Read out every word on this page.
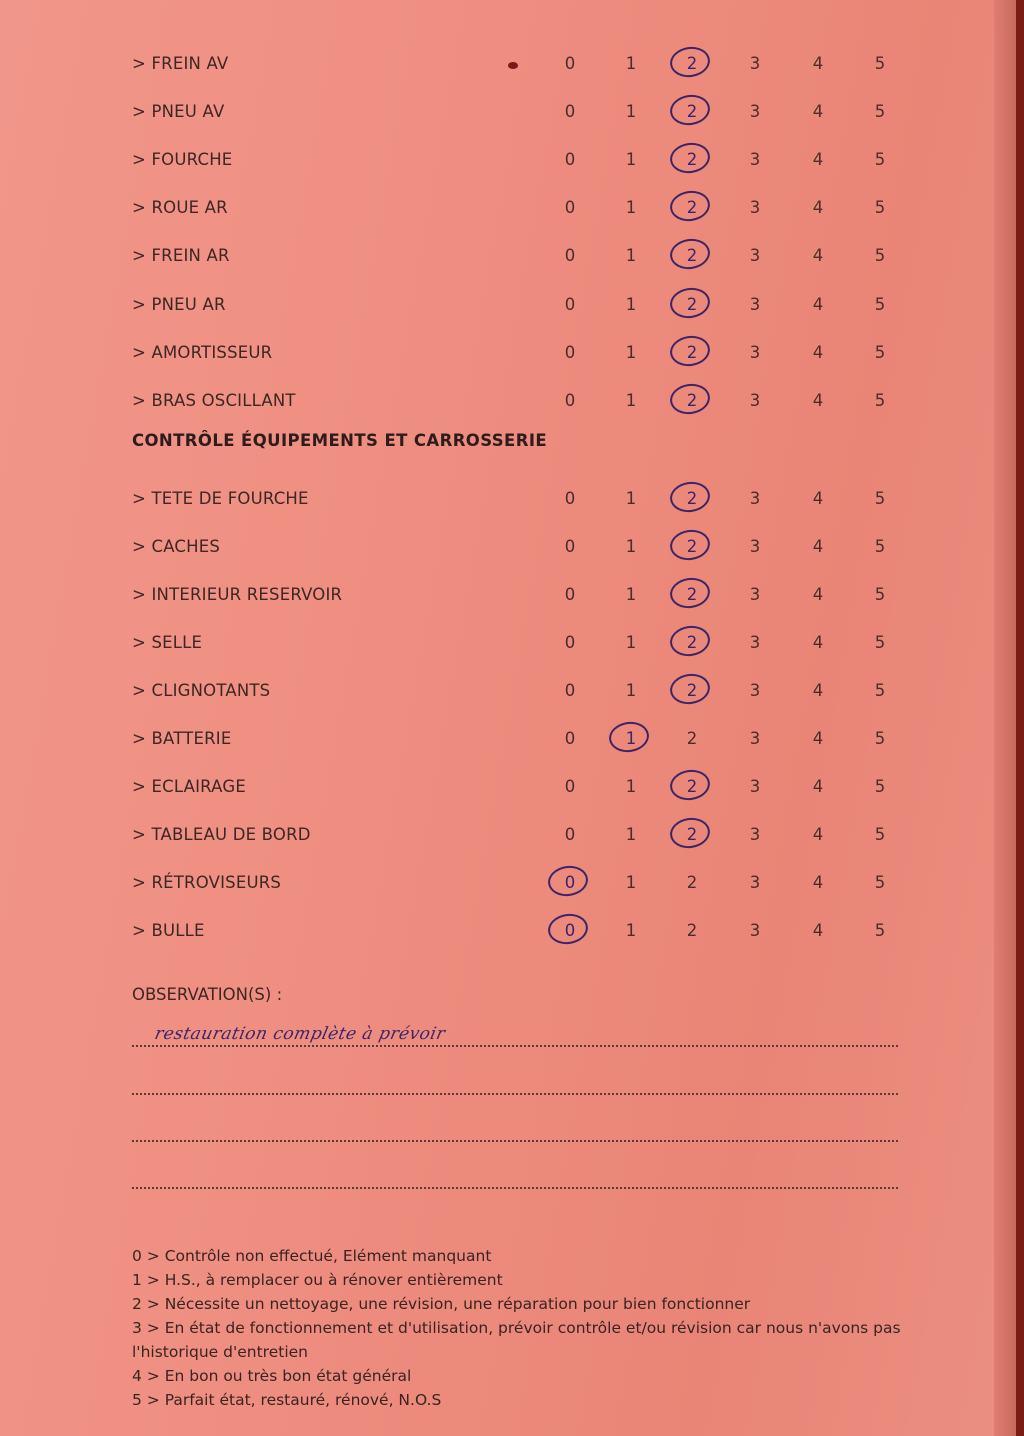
> FREIN AV	0	1	2	3	4	5
> PNEU AV	0	1	2	3	4	5
> FOURCHE	0	1	2	3	4	5
> ROUE AR	0	1	2	3	4	5
> FREIN AR	0	1	2	3	4	5
> PNEU AR	0	1	2	3	4	5
> AMORTISSEUR	0	1	2	3	4	5
> BRAS OSCILLANT	0	1	2	3	4	5
> TETE DE FOURCHE	0	1	2	3	4	5
> CACHES	0	1	2	3	4	5
> INTERIEUR RESERVOIR	0	1	2	3	4	5
> SELLE	0	1	2	3	4	5
> CLIGNOTANTS	0	1	2	3	4	5
> BATTERIE	0	1	2	3	4	5
> ECLAIRAGE	0	1	2	3	4	5
> TABLEAU DE BORD	0	1	2	3	4	5
> RÉTROVISEURS	0	1	2	3	4	5
> BULLE	0	1	2	3	4	5
CONTRÔLE ÉQUIPEMENTS ET CARROSSERIE
OBSERVATION(S) :
restauration complète à prévoir
0 > Contrôle non effectué, Elément manquant
1 > H.S., à remplacer ou à rénover entièrement
2 > Nécessite un nettoyage, une révision, une réparation pour bien fonctionner
3 > En état de fonctionnement et d'utilisation, prévoir contrôle et/ou révision car nous n'avons pas l'historique d'entretien
4 > En bon ou très bon état général
5 > Parfait état, restauré, rénové, N.O.S
